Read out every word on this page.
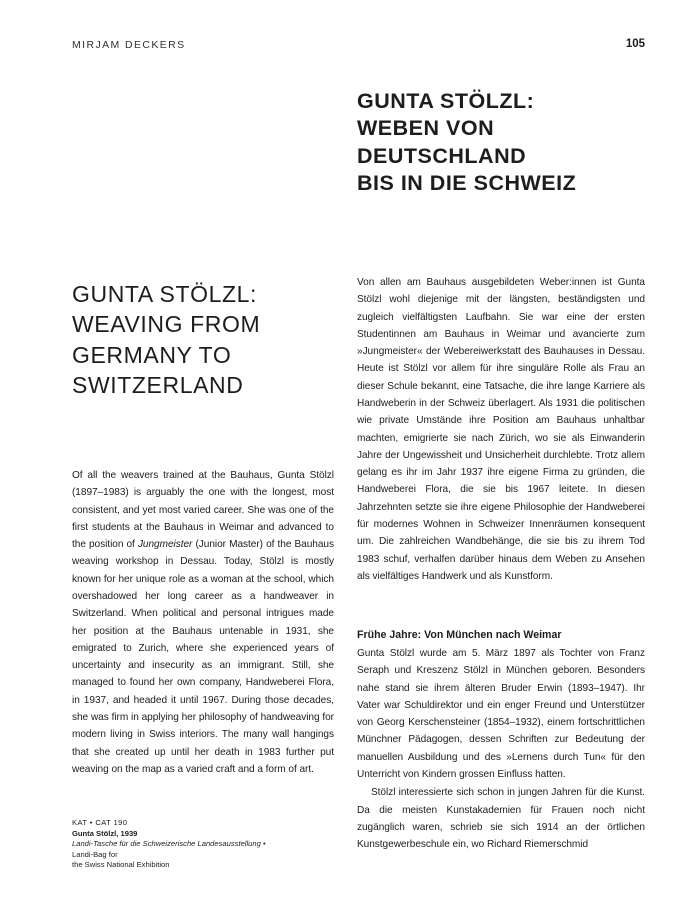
MIRJAM DECKERS	105
GUNTA STÖLZL:
WEBEN VON
DEUTSCHLAND
BIS IN DIE SCHWEIZ
GUNTA STÖLZL:
WEAVING FROM
GERMANY TO
SWITZERLAND

Von allen am Bauhaus ausgebildeten Weber:innen ist Gunta Stölzl wohl diejenige mit der längsten, beständigsten und zugleich vielfältigsten Laufbahn. Sie war eine der ersten Studentinnen am Bauhaus in Weimar und avancierte zum »Jungmeister« der Webereiwerkstatt des Bauhauses in Dessau. Heute ist Stölzl vor allem für ihre singuläre Rolle als Frau an dieser Schule bekannt, eine Tatsache, die ihre lange Karriere als Handweberin in der Schweiz überlagert. Als 1931 die politischen wie private Umstände ihre Position am Bauhaus unhaltbar machten, emigrierte sie nach Zürich, wo sie als Einwanderin Jahre der Ungewissheit und Unsicherheit durchlebte. Trotz allem gelang es ihr im Jahr 1937 ihre eigene Firma zu gründen, die Handweberei Flora, die sie bis 1967 leitete. In diesen Jahrzehnten setzte sie ihre eigene Philosophie der Handweberei für modernes Wohnen in Schweizer Innenräumen konsequent um. Die zahlreichen Wandbehänge, die sie bis zu ihrem Tod 1983 schuf, verhalfen darüber hinaus dem Weben zu Ansehen als vielfältiges Handwerk und als Kunstform.

Of all the weavers trained at the Bauhaus, Gunta Stölzl (1897–1983) is arguably the one with the longest, most consistent, and yet most varied career. She was one of the first students at the Bauhaus in Weimar and advanced to the position of Jungmeister (Junior Master) of the Bauhaus weaving workshop in Dessau. Today, Stölzl is mostly known for her unique role as a woman at the school, which overshadowed her long career as a handweaver in Switzerland. When political and personal intrigues made her position at the Bauhaus untenable in 1931, she emigrated to Zurich, where she experienced years of uncertainty and insecurity as an immigrant. Still, she managed to found her own company, Handweberei Flora, in 1937, and headed it until 1967. During those decades, she was firm in applying her philosophy of handweaving for modern living in Swiss interiors. The many wall hangings that she created up until her death in 1983 further put weaving on the map as a varied craft and a form of art.

Frühe Jahre: Von München nach Weimar

Gunta Stölzl wurde am 5. März 1897 als Tochter von Franz Seraph und Kreszenz Stölzl in München geboren. Besonders nahe stand sie ihrem älteren Bruder Erwin (1893–1947). Ihr Vater war Schuldirektor und ein enger Freund und Unterstützer von Georg Kerschensteiner (1854–1932), einem fortschrittlichen Münchner Pädagogen, dessen Schriften zur Bedeutung der manuellen Ausbildung und des »Lernens durch Tun« für den Unterricht von Kindern grossen Einfluss hatten.

Stölzl interessierte sich schon in jungen Jahren für die Kunst. Da die meisten Kunstakademien für Frauen noch nicht zugänglich waren, schrieb sie sich 1914 an der örtlichen Kunstgewerbeschule ein, wo Richard Riemerschmid

KAT • CAT 190
Gunta Stölzl, 1939
Landi-Tasche für die Schweizerische Landesausstellung • Landi-Bag for
the Swiss National Exhibition
